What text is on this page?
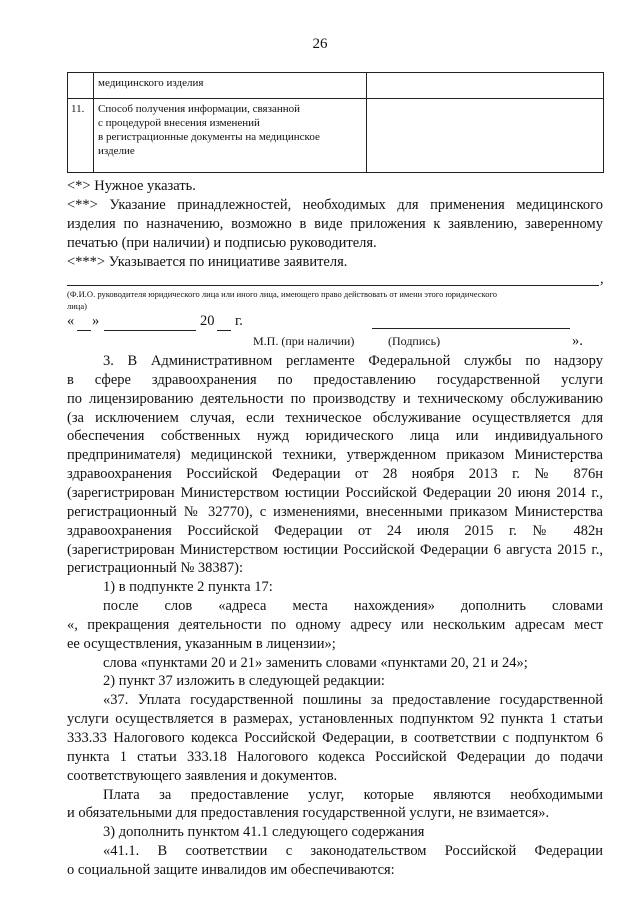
26

	медицинского изделия	

11.	Способ получения информации, связанной
с процедурой внесения изменений
в регистрационные документы на медицинское
изделие	

<*> Нужное указать.
<**> Указание принадлежностей, необходимых для применения медицинского
изделия по назначению, возможно в виде приложения к заявлению, заверенному
печатью (при наличии) и подписью руководителя.
<***> Указывается по инициативе заявителя.
,
(Ф.И.О. руководителя юридического лица или иного лица, имеющего право действовать от имени этого юридического
лица)
« »	20 г.
М.П. (при наличии)	(Подпись)	».
3. В Административном регламенте Федеральной службы по надзору
в сфере здравоохранения по предоставлению государственной услуги
по лицензированию деятельности по производству и техническому обслуживанию
(за исключением случая, если техническое обслуживание осуществляется для
обеспечения собственных нужд юридического лица или индивидуального
предпринимателя) медицинской техники, утвержденном приказом Министерства
здравоохранения Российской Федерации от 28 ноября 2013 г. № 876н
(зарегистрирован Министерством юстиции Российской Федерации 20 июня 2014 г.,
регистрационный № 32770), с изменениями, внесенными приказом Министерства
здравоохранения Российской Федерации от 24 июля 2015 г. № 482н
(зарегистрирован Министерством юстиции Российской Федерации 6 августа 2015 г.,
регистрационный № 38387):
1) в подпункте 2 пункта 17:
после слов «адреса места нахождения» дополнить словами
«, прекращения деятельности по одному адресу или нескольким адресам мест
ее осуществления, указанным в лицензии»;
слова «пунктами 20 и 21» заменить словами «пунктами 20, 21 и 24»;
2) пункт 37 изложить в следующей редакции:
«37. Уплата государственной пошлины за предоставление государственной
услуги осуществляется в размерах, установленных подпунктом 92 пункта 1 статьи
333.33 Налогового кодекса Российской Федерации, в соответствии с подпунктом 6
пункта 1 статьи 333.18 Налогового кодекса Российской Федерации до подачи
соответствующего заявления и документов.
Плата за предоставление услуг, которые являются необходимыми
и обязательными для предоставления государственной услуги, не взимается».
3) дополнить пунктом 41.1 следующего содержания
«41.1. В соответствии с законодательством Российской Федерации
о социальной защите инвалидов им обеспечиваются:
